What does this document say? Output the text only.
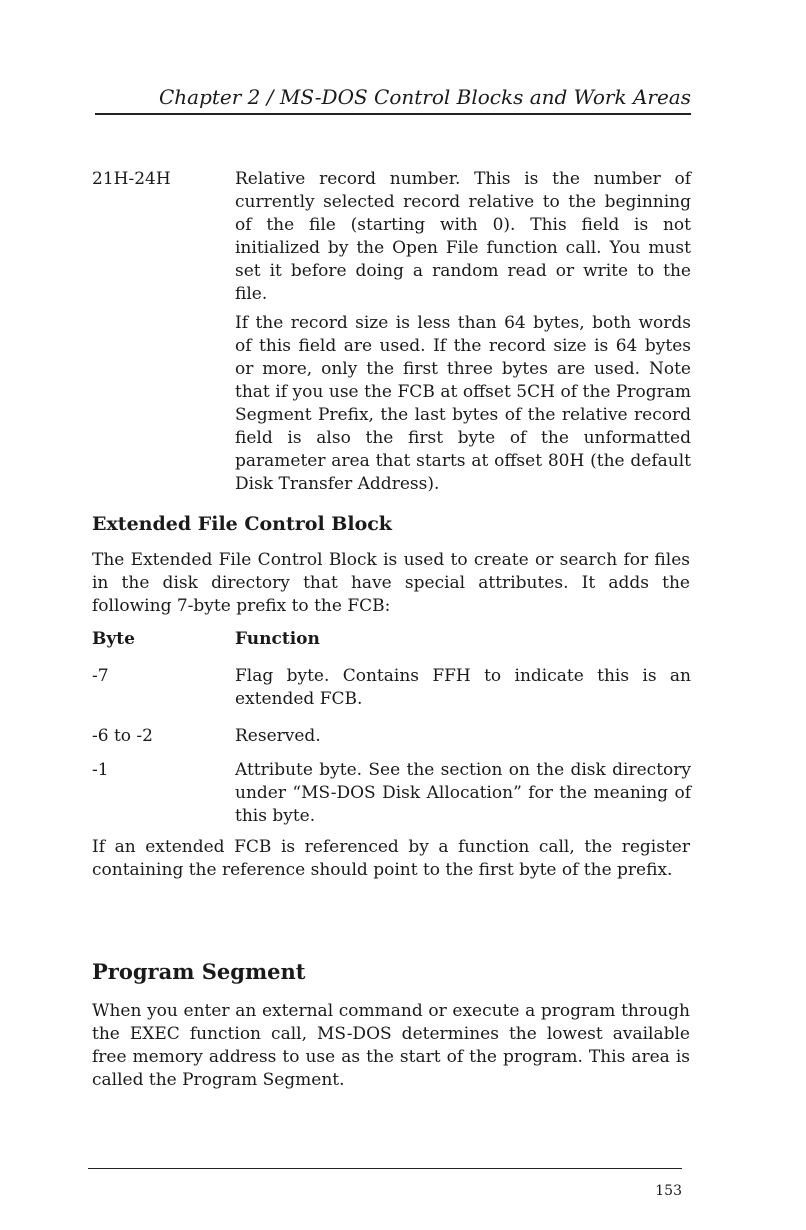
Chapter 2 / MS-DOS Control Blocks and Work Areas
21H-24H	Relative record number. This is the number of currently selected record relative to the beginning of the file (starting with 0). This field is not initialized by the Open File function call. You must set it before doing a random read or write to the file.
If the record size is less than 64 bytes, both words of this field are used. If the record size is 64 bytes or more, only the first three bytes are used. Note that if you use the FCB at offset 5CH of the Program Segment Prefix, the last bytes of the relative record field is also the first byte of the unformatted parameter area that starts at offset 80H (the default Disk Transfer Address).
Extended File Control Block
The Extended File Control Block is used to create or search for files in the disk directory that have special attributes. It adds the following 7-byte prefix to the FCB:
Byte	Function
-7	Flag byte. Contains FFH to indicate this is an extended FCB.
-6 to -2	Reserved.
-1	Attribute byte. See the section on the disk directory under “MS-DOS Disk Allocation” for the meaning of this byte.
If an extended FCB is referenced by a function call, the register containing the reference should point to the first byte of the prefix.
Program Segment
When you enter an external command or execute a program through the EXEC function call, MS-DOS determines the lowest available free memory address to use as the start of the program. This area is called the Program Segment.
153
